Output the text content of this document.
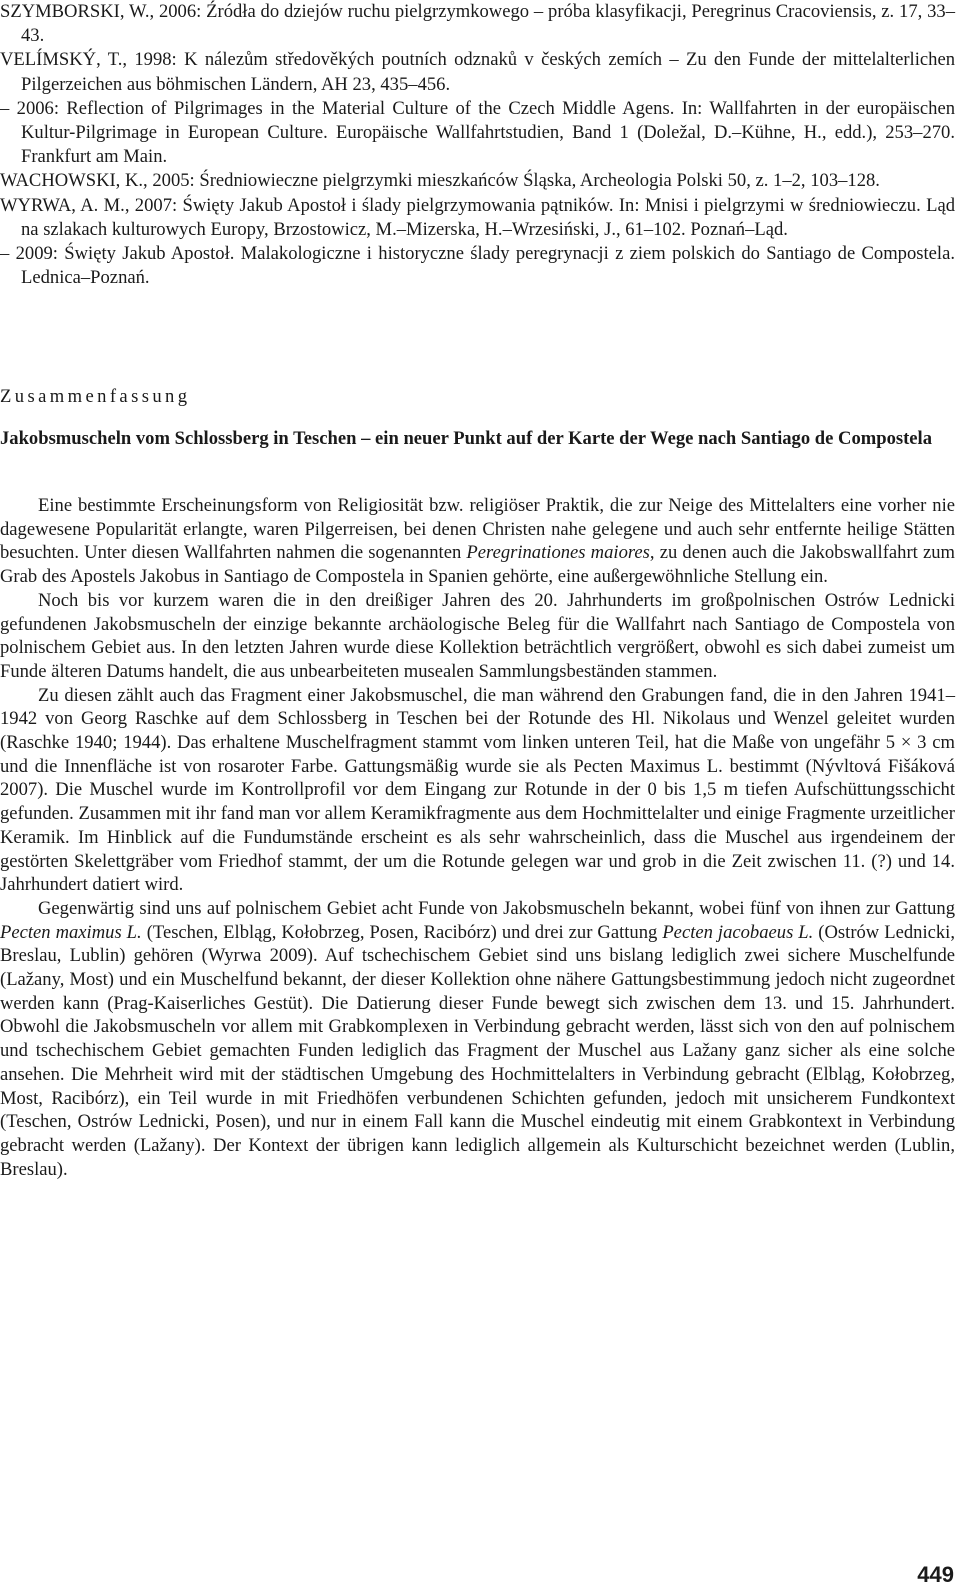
SZYMBORSKI, W., 2006: Źródła do dziejów ruchu pielgrzymkowego – próba klasyfikacji, Peregrinus Cracoviensis, z. 17, 33–43.

VELÍMSKÝ, T., 1998: K nálezům středověkých poutních odznaků v českých zemích – Zu den Funde der mittelalterlichen Pilgerzeichen aus böhmischen Ländern, AH 23, 435–456.

– 2006: Reflection of Pilgrimages in the Material Culture of the Czech Middle Agens. In: Wallfahrten in der europäischen Kultur-Pilgrimage in European Culture. Europäische Wallfahrtstudien, Band 1 (Doležal, D.–Kühne, H., edd.), 253–270. Frankfurt am Main.

WACHOWSKI, K., 2005: Średniowieczne pielgrzymki mieszkańców Śląska, Archeologia Polski 50, z. 1–2, 103–128.

WYRWA, A. M., 2007: Święty Jakub Apostoł i ślady pielgrzymowania pątników. In: Mnisi i pielgrzymi w średniowieczu. Ląd na szlakach kulturowych Europy, Brzostowicz, M.–Mizerska, H.–Wrzesiński, J., 61–102. Poznań–Ląd.

– 2009: Święty Jakub Apostoł. Malakologiczne i historyczne ślady peregrynacji z ziem polskich do Santiago de Compostela. Lednica–Poznań.

Zusammenfassung

Jakobsmuscheln vom Schlossberg in Teschen – ein neuer Punkt auf der Karte der Wege nach Santiago de Compostela

Eine bestimmte Erscheinungsform von Religiosität bzw. religiöser Praktik, die zur Neige des Mittelalters eine vorher nie dagewesene Popularität erlangte, waren Pilgerreisen, bei denen Christen nahe gelegene und auch sehr entfernte heilige Stätten besuchten. Unter diesen Wallfahrten nahmen die sogenannten Peregrinationes maiores, zu denen auch die Jakobswallfahrt zum Grab des Apostels Jakobus in Santiago de Compostela in Spanien gehörte, eine außergewöhnliche Stellung ein.

Noch bis vor kurzem waren die in den dreißiger Jahren des 20. Jahrhunderts im großpolnischen Ostrów Lednicki gefundenen Jakobsmuscheln der einzige bekannte archäologische Beleg für die Wallfahrt nach Santiago de Compostela von polnischem Gebiet aus. In den letzten Jahren wurde diese Kollektion beträchtlich vergrößert, obwohl es sich dabei zumeist um Funde älteren Datums handelt, die aus unbearbeiteten musealen Sammlungsbeständen stammen.

Zu diesen zählt auch das Fragment einer Jakobsmuschel, die man während den Grabungen fand, die in den Jahren 1941–1942 von Georg Raschke auf dem Schlossberg in Teschen bei der Rotunde des Hl. Nikolaus und Wenzel geleitet wurden (Raschke 1940; 1944). Das erhaltene Muschelfragment stammt vom linken unteren Teil, hat die Maße von ungefähr 5 × 3 cm und die Innenfläche ist von rosaroter Farbe. Gattungsmäßig wurde sie als Pecten Maximus L. bestimmt (Nývltová Fišáková 2007). Die Muschel wurde im Kontrollprofil vor dem Eingang zur Rotunde in der 0 bis 1,5 m tiefen Aufschüttungsschicht gefunden. Zusammen mit ihr fand man vor allem Keramikfragmente aus dem Hochmittelalter und einige Fragmente urzeitlicher Keramik. Im Hinblick auf die Fundumstände erscheint es als sehr wahrscheinlich, dass die Muschel aus irgendeinem der gestörten Skelettgräber vom Friedhof stammt, der um die Rotunde gelegen war und grob in die Zeit zwischen 11. (?) und 14. Jahrhundert datiert wird.

Gegenwärtig sind uns auf polnischem Gebiet acht Funde von Jakobsmuscheln bekannt, wobei fünf von ihnen zur Gattung Pecten maximus L. (Teschen, Elbląg, Kołobrzeg, Posen, Racibórz) und drei zur Gattung Pecten jacobaeus L. (Ostrów Lednicki, Breslau, Lublin) gehören (Wyrwa 2009). Auf tschechischem Gebiet sind uns bislang lediglich zwei sichere Muschelfunde (Lažany, Most) und ein Muschelfund bekannt, der dieser Kollektion ohne nähere Gattungsbestimmung jedoch nicht zugeordnet werden kann (Prag-Kaiserliches Gestüt). Die Datierung dieser Funde bewegt sich zwischen dem 13. und 15. Jahrhundert. Obwohl die Jakobsmuscheln vor allem mit Grabkomplexen in Verbindung gebracht werden, lässt sich von den auf polnischem und tschechischem Gebiet gemachten Funden lediglich das Fragment der Muschel aus Lažany ganz sicher als eine solche ansehen. Die Mehrheit wird mit der städtischen Umgebung des Hochmittelalters in Verbindung gebracht (Elbląg, Kołobrzeg, Most, Racibórz), ein Teil wurde in mit Friedhöfen verbundenen Schichten gefunden, jedoch mit unsicherem Fundkontext (Teschen, Ostrów Lednicki, Posen), und nur in einem Fall kann die Muschel eindeutig mit einem Grabkontext in Verbindung gebracht werden (Lažany). Der Kontext der übrigen kann lediglich allgemein als Kulturschicht bezeichnet werden (Lublin, Breslau).

449
